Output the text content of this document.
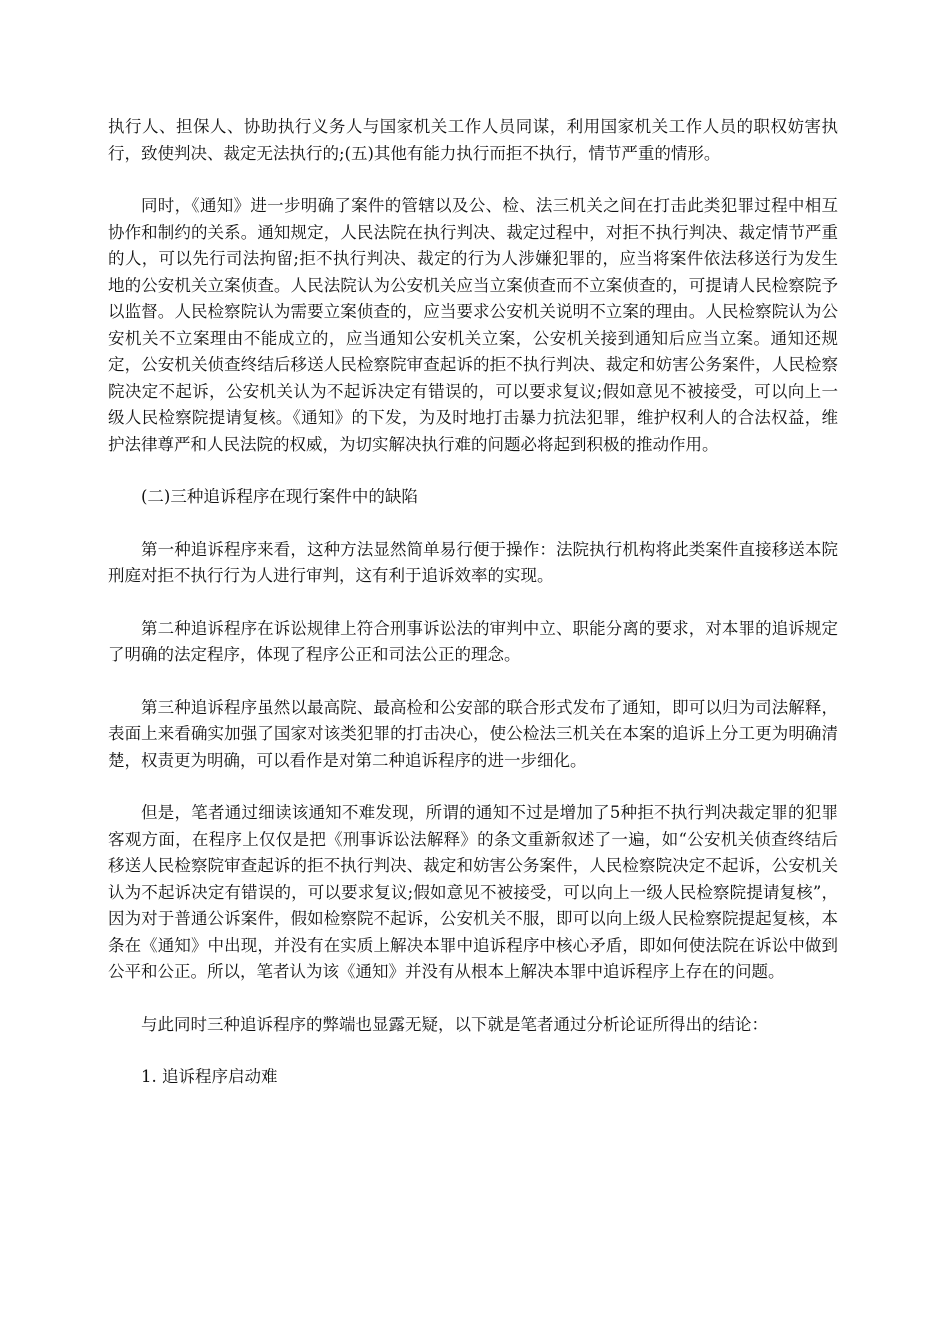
执行人、担保人、协助执行义务人与国家机关工作人员同谋，利用国家机关工作人员的职权妨害执行，致使判决、裁定无法执行的;(五)其他有能力执行而拒不执行，情节严重的情形。

同时，《通知》进一步明确了案件的管辖以及公、检、法三机关之间在打击此类犯罪过程中相互协作和制约的关系。通知规定，人民法院在执行判决、裁定过程中，对拒不执行判决、裁定情节严重的人，可以先行司法拘留;拒不执行判决、裁定的行为人涉嫌犯罪的，应当将案件依法移送行为发生地的公安机关立案侦查。人民法院认为公安机关应当立案侦查而不立案侦查的，可提请人民检察院予以监督。人民检察院认为需要立案侦查的，应当要求公安机关说明不立案的理由。人民检察院认为公安机关不立案理由不能成立的，应当通知公安机关立案，公安机关接到通知后应当立案。通知还规定，公安机关侦查终结后移送人民检察院审查起诉的拒不执行判决、裁定和妨害公务案件，人民检察院决定不起诉，公安机关认为不起诉决定有错误的，可以要求复议;假如意见不被接受，可以向上一级人民检察院提请复核。《通知》的下发，为及时地打击暴力抗法犯罪，维护权利人的合法权益，维护法律尊严和人民法院的权威，为切实解决执行难的问题必将起到积极的推动作用。

(二)三种追诉程序在现行案件中的缺陷

第一种追诉程序来看，这种方法显然简单易行便于操作：法院执行机构将此类案件直接移送本院刑庭对拒不执行行为人进行审判，这有利于追诉效率的实现。

第二种追诉程序在诉讼规律上符合刑事诉讼法的审判中立、职能分离的要求，对本罪的追诉规定了明确的法定程序，体现了程序公正和司法公正的理念。

第三种追诉程序虽然以最高院、最高检和公安部的联合形式发布了通知，即可以归为司法解释，表面上来看确实加强了国家对该类犯罪的打击决心，使公检法三机关在本案的追诉上分工更为明确清楚，权责更为明确，可以看作是对第二种追诉程序的进一步细化。

但是，笔者通过细读该通知不难发现，所谓的通知不过是增加了5种拒不执行判决裁定罪的犯罪客观方面，在程序上仅仅是把《刑事诉讼法解释》的条文重新叙述了一遍，如“公安机关侦查终结后移送人民检察院审查起诉的拒不执行判决、裁定和妨害公务案件，人民检察院决定不起诉，公安机关认为不起诉决定有错误的，可以要求复议;假如意见不被接受，可以向上一级人民检察院提请复核”，因为对于普通公诉案件，假如检察院不起诉，公安机关不服，即可以向上级人民检察院提起复核，本条在《通知》中出现，并没有在实质上解决本罪中追诉程序中核心矛盾，即如何使法院在诉讼中做到公平和公正。所以，笔者认为该《通知》并没有从根本上解决本罪中追诉程序上存在的问题。

与此同时三种追诉程序的弊端也显露无疑，以下就是笔者通过分析论证所得出的结论：

1. 追诉程序启动难
